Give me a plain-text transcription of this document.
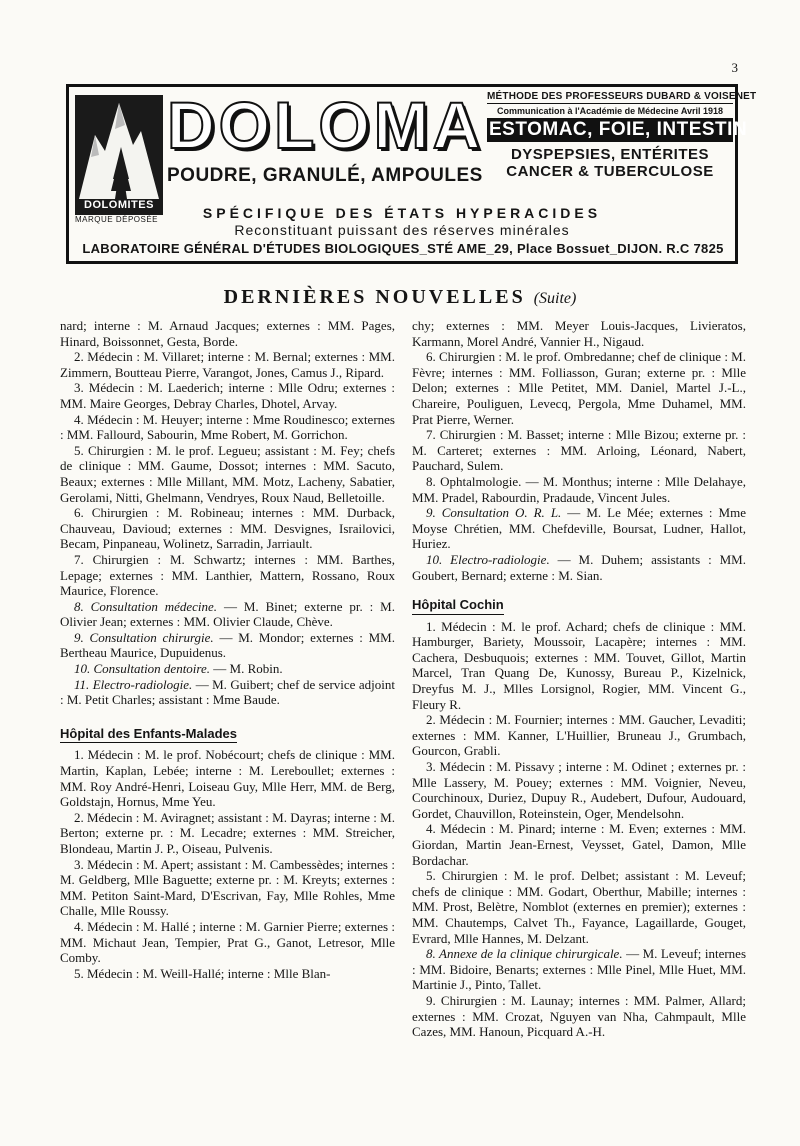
3
DOLOMITES
MARQUE DÉPOSÉE
DOLOMA
POUDRE, GRANULÉ, AMPOULES
MÉTHODE DES PROFESSEURS DUBARD & VOISENET
Communication à l'Académie de Médecine Avril 1918
ESTOMAC, FOIE, INTESTIN
DYSPEPSIES, ENTÉRITES
CANCER & TUBERCULOSE
SPÉCIFIQUE DES ÉTATS HYPERACIDES
Reconstituant puissant des réserves minérales
LABORATOIRE GÉNÉRAL D'ÉTUDES BIOLOGIQUES_STÉ AME_29, Place Bossuet_DIJON. R.C 7825
DERNIÈRES NOUVELLES (Suite)

nard; interne : M. Arnaud Jacques; externes : MM. Pages, Hinard, Boissonnet, Gesta, Borde.

2. Médecin : M. Villaret; interne : M. Bernal; externes : MM. Zimmern, Boutteau Pierre, Varangot, Jones, Camus J., Ripard.

3. Médecin : M. Laederich; interne : Mlle Odru; externes : MM. Maire Georges, Debray Charles, Dhotel, Arvay.

4. Médecin : M. Heuyer; interne : Mme Roudinesco; externes : MM. Fallourd, Sabourin, Mme Robert, M. Gorrichon.

5. Chirurgien : M. le prof. Legueu; assistant : M. Fey; chefs de clinique : MM. Gaume, Dossot; internes : MM. Sacuto, Beaux; externes : Mlle Millant, MM. Motz, Lacheny, Sabatier, Gerolami, Nitti, Ghelmann, Vendryes, Roux Naud, Belletoille.

6. Chirurgien : M. Robineau; internes : MM. Durback, Chauveau, Davioud; externes : MM. Desvignes, Israilovici, Becam, Pinpaneau, Wolinetz, Sarradin, Jarriault.

7. Chirurgien : M. Schwartz; internes : MM. Barthes, Lepage; externes : MM. Lanthier, Mattern, Rossano, Roux Maurice, Florence.

8. Consultation médecine. — M. Binet; externe pr. : M. Olivier Jean; externes : MM. Olivier Claude, Chève.

9. Consultation chirurgie. — M. Mondor; externes : MM. Bertheau Maurice, Dupuidenus.

10. Consultation dentoire. — M. Robin.

11. Electro-radiologie. — M. Guibert; chef de service adjoint : M. Petit Charles; assistant : Mme Baude.

Hôpital des Enfants-Malades

1. Médecin : M. le prof. Nobécourt; chefs de clinique : MM. Martin, Kaplan, Lebée; interne : M. Lereboullet; externes : MM. Roy André-Henri, Loiseau Guy, Mlle Herr, MM. de Berg, Goldstajn, Hornus, Mme Yeu.

2. Médecin : M. Aviragnet; assistant : M. Dayras; interne : M. Berton; externe pr. : M. Lecadre; externes : MM. Streicher, Blondeau, Martin J. P., Oiseau, Pulvenis.

3. Médecin : M. Apert; assistant : M. Cambessèdes; internes : M. Geldberg, Mlle Baguette; externe pr. : M. Kreyts; externes : MM. Petiton Saint-Mard, D'Escrivan, Fay, Mlle Rohles, Mme Challe, Mlle Roussy.

4. Médecin : M. Hallé ; interne : M. Garnier Pierre; externes : MM. Michaut Jean, Tempier, Prat G., Ganot, Letresor, Mlle Comby.

5. Médecin : M. Weill-Hallé; interne : Mlle Blan-

chy; externes : MM. Meyer Louis-Jacques, Livieratos, Karmann, Morel André, Vannier H., Nigaud.

6. Chirurgien : M. le prof. Ombredanne; chef de clinique : M. Fèvre; internes : MM. Folliasson, Guran; externe pr. : Mlle Delon; externes : Mlle Petitet, MM. Daniel, Martel J.-L., Chareire, Pouliguen, Levecq, Pergola, Mme Duhamel, MM. Prat Pierre, Werner.

7. Chirurgien : M. Basset; interne : Mlle Bizou; externe pr. : M. Carteret; externes : MM. Arloing, Léonard, Nabert, Pauchard, Sulem.

8. Ophtalmologie. — M. Monthus; interne : Mlle Delahaye, MM. Pradel, Rabourdin, Pradaude, Vincent Jules.

9. Consultation O. R. L. — M. Le Mée; externes : Mme Moyse Chrétien, MM. Chefdeville, Boursat, Ludner, Hallot, Huriez.

10. Electro-radiologie. — M. Duhem; assistants : MM. Goubert, Bernard; externe : M. Sian.

Hôpital Cochin

1. Médecin : M. le prof. Achard; chefs de clinique : MM. Hamburger, Bariety, Moussoir, Lacapère; internes : MM. Cachera, Desbuquois; externes : MM. Touvet, Gillot, Martin Marcel, Tran Quang De, Kunossy, Bureau P., Kizelnick, Dreyfus M. J., Mlles Lorsignol, Rogier, MM. Vincent G., Fleury R.

2. Médecin : M. Fournier; internes : MM. Gaucher, Levaditi; externes : MM. Kanner, L'Huillier, Bruneau J., Grumbach, Gourcon, Grabli.

3. Médecin : M. Pissavy ; interne : M. Odinet ; externes pr. : Mlle Lassery, M. Pouey; externes : MM. Voignier, Neveu, Courchinoux, Duriez, Dupuy R., Audebert, Dufour, Audouard, Gordet, Chauvillon, Roteinstein, Oger, Mendelsohn.

4. Médecin : M. Pinard; interne : M. Even; externes : MM. Giordan, Martin Jean-Ernest, Veysset, Gatel, Damon, Mlle Bordachar.

5. Chirurgien : M. le prof. Delbet; assistant : M. Leveuf; chefs de clinique : MM. Godart, Oberthur, Mabille; internes : MM. Prost, Belètre, Nomblot (externes en premier); externes : MM. Chautemps, Calvet Th., Fayance, Lagaillarde, Gouget, Evrard, Mlle Hannes, M. Delzant.

8. Annexe de la clinique chirurgicale. — M. Leveuf; internes : MM. Bidoire, Benarts; externes : Mlle Pinel, Mlle Huet, MM. Martinie J., Pinto, Tallet.

9. Chirurgien : M. Launay; internes : MM. Palmer, Allard; externes : MM. Crozat, Nguyen van Nha, Cahmpault, Mlle Cazes, MM. Hanoun, Picquard A.-H.
